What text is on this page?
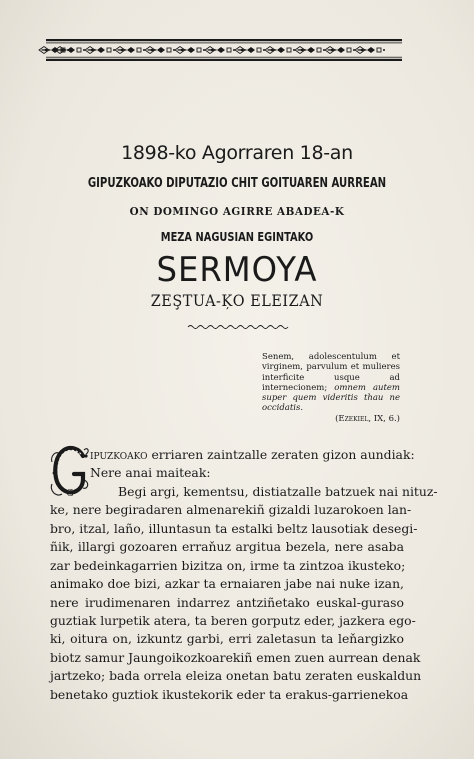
1898-ko Agorraren 18-an
GIPUZKOAKO DIPUTAZIO CHIT GOITUAREN AURREAN
ON DOMINGO AGIRRE ABADEA-K
MEZA NAGUSIAN EGINTAKO
SERMOYA
ZEŞTUA-ĶO ELEIZAN
Senem, adolescentulum et virginem, parvulum et mulieres interficite usque ad internecionem; omnem autem super quem videritis thau ne occidatis.
(Ezekiel, IX, 6.)
G
ipuzkoako erriaren zaintzalle zeraten gizon aundiak:
Nere anai maiteak:
Begi argi, kementsu, distiatzalle batzuek nai nituz-
ke, nere begiradaren almenarekiñ gizaldi luzarokoen lan-
bro, itzal, laño, illuntasun ta estalki beltz lausotiak desegi-
ñik, illargi gozoaren erraňuz argitua bezela, nere asaba
zar bedeinkagarrien bizitza on, irme ta zintzoa ikusteko;
animako doe bizi, azkar ta ernaiaren jabe nai nuke izan,
nere irudimenaren indarrez antziñetako euskal-guraso
guztiak lurpetik atera, ta beren gorputz eder, jazkera ego-
ki, oitura on, izkuntz garbi, erri zaletasun ta leňargizko
biotz samur Jaungoikozkoarekiñ emen zuen aurrean denak
jartzeko; bada orrela eleiza onetan batu zeraten euskaldun
benetako guztiok ikustekorik eder ta erakus-garrienekoa
